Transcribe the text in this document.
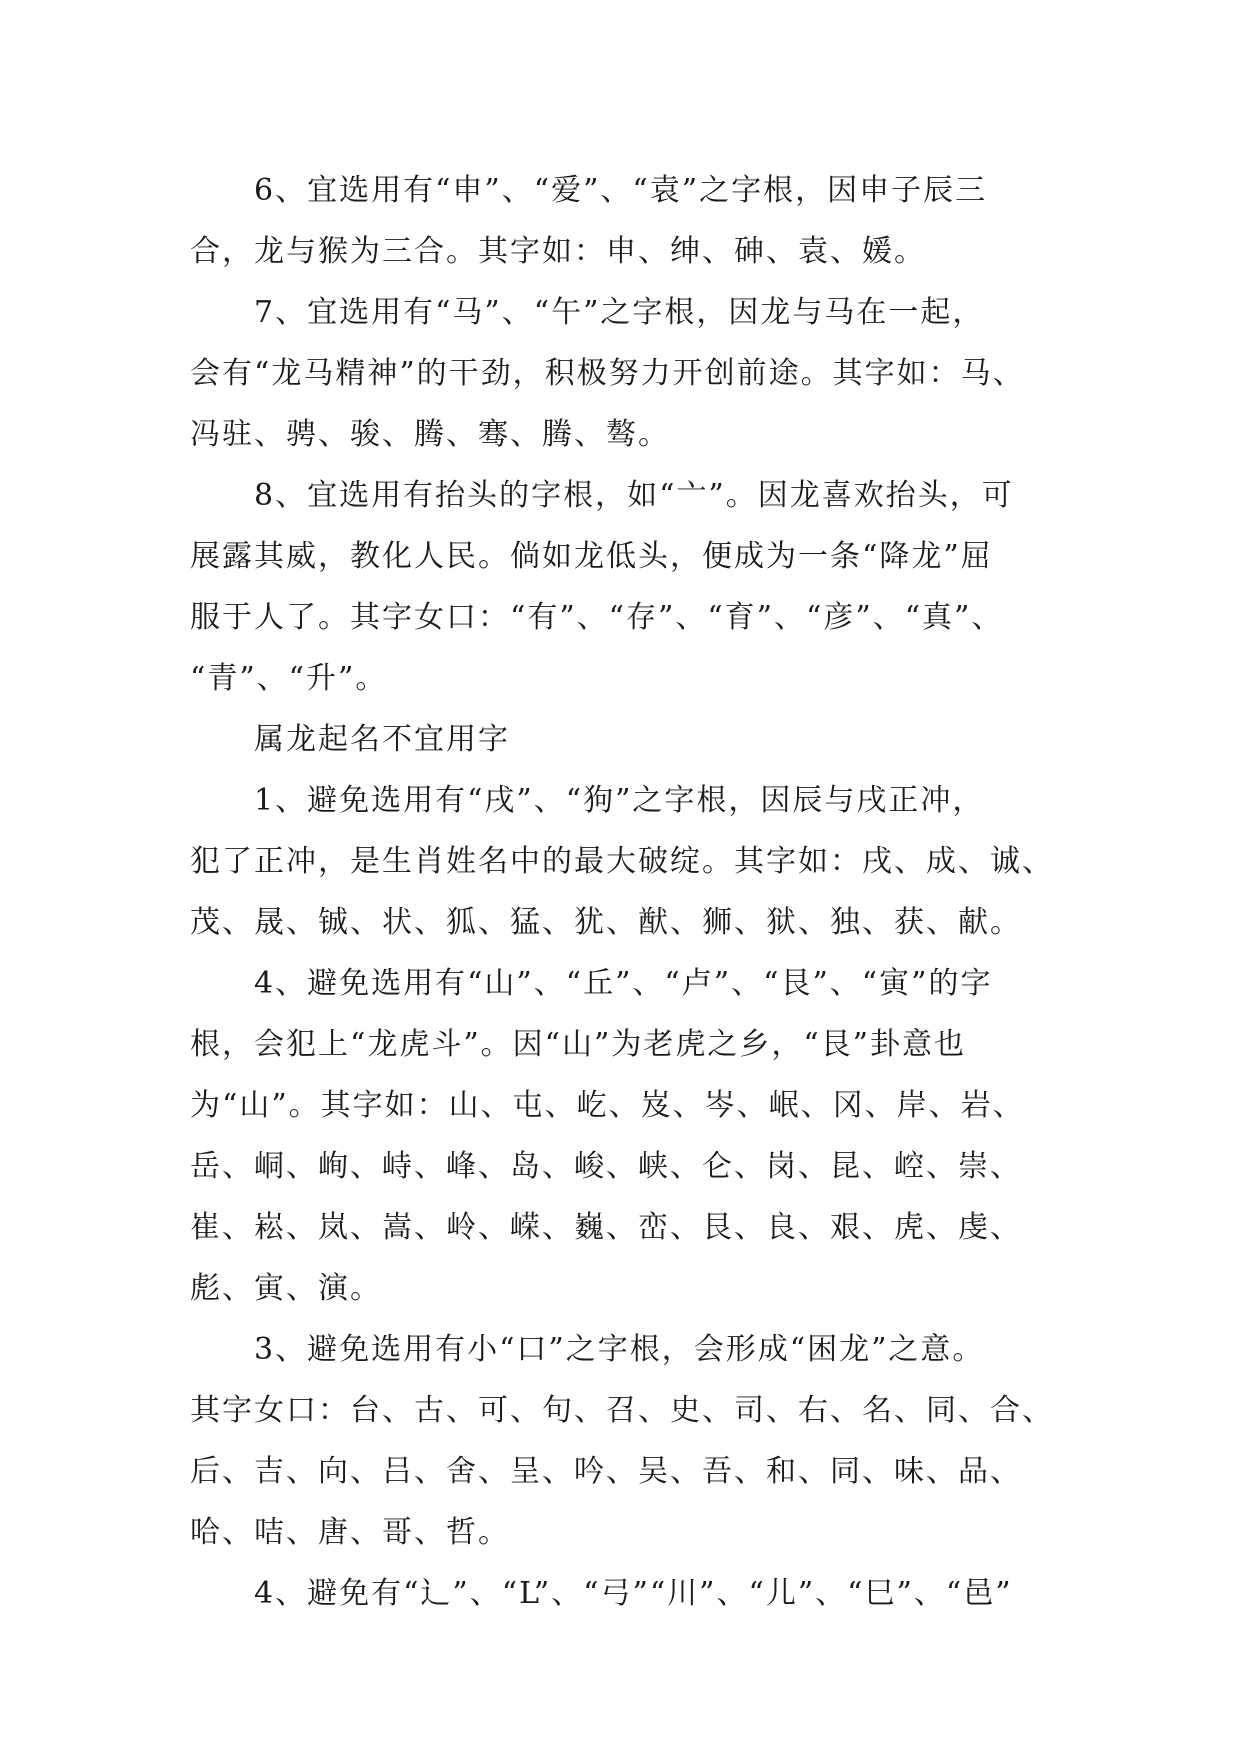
6、宜选用有“申”、“爱”、“袁”之字根，因申子辰三
合，龙与猴为三合。其字如：申、绅、砷、袁、媛。
7、宜选用有“马”、“午”之字根，因龙与马在一起，
会有“龙马精神”的干劲，积极努力开创前途。其字如：马、
冯驻、骋、骏、腾、骞、腾、骜。
8、宜选用有抬头的字根，如“亠”。因龙喜欢抬头，可
展露其威，教化人民。倘如龙低头，便成为一条“降龙”屈
服于人了。其字女口：“有”、“存”、“育”、“彦”、“真”、
“青”、“升”。
属龙起名不宜用字
1、避免选用有“戌”、“狗”之字根，因辰与戌正冲，
犯了正冲，是生肖姓名中的最大破绽。其字如：戌、成、诚、
茂、晟、铖、状、狐、猛、犹、猷、狮、狱、独、获、献。
4、避免选用有“山”、“丘”、“卢”、“艮”、“寅”的字
根，会犯上“龙虎斗”。因“山”为老虎之乡，“艮”卦意也
为“山”。其字如：山、屯、屹、岌、岑、岷、冈、岸、岩、
岳、峒、峋、峙、峰、岛、峻、峡、仑、岗、昆、崆、崇、
崔、崧、岚、嵩、岭、嵘、巍、峦、艮、良、艰、虎、虔、
彪、寅、演。
3、避免选用有小“口”之字根，会形成“困龙”之意。
其字女口：台、古、可、句、召、史、司、右、名、同、合、
后、吉、向、吕、舍、呈、吟、吴、吾、和、同、味、品、
哈、咭、唐、哥、哲。
4、避免有“辶”、“L”、“弓”“川”、“儿”、“巳”、“邑”
